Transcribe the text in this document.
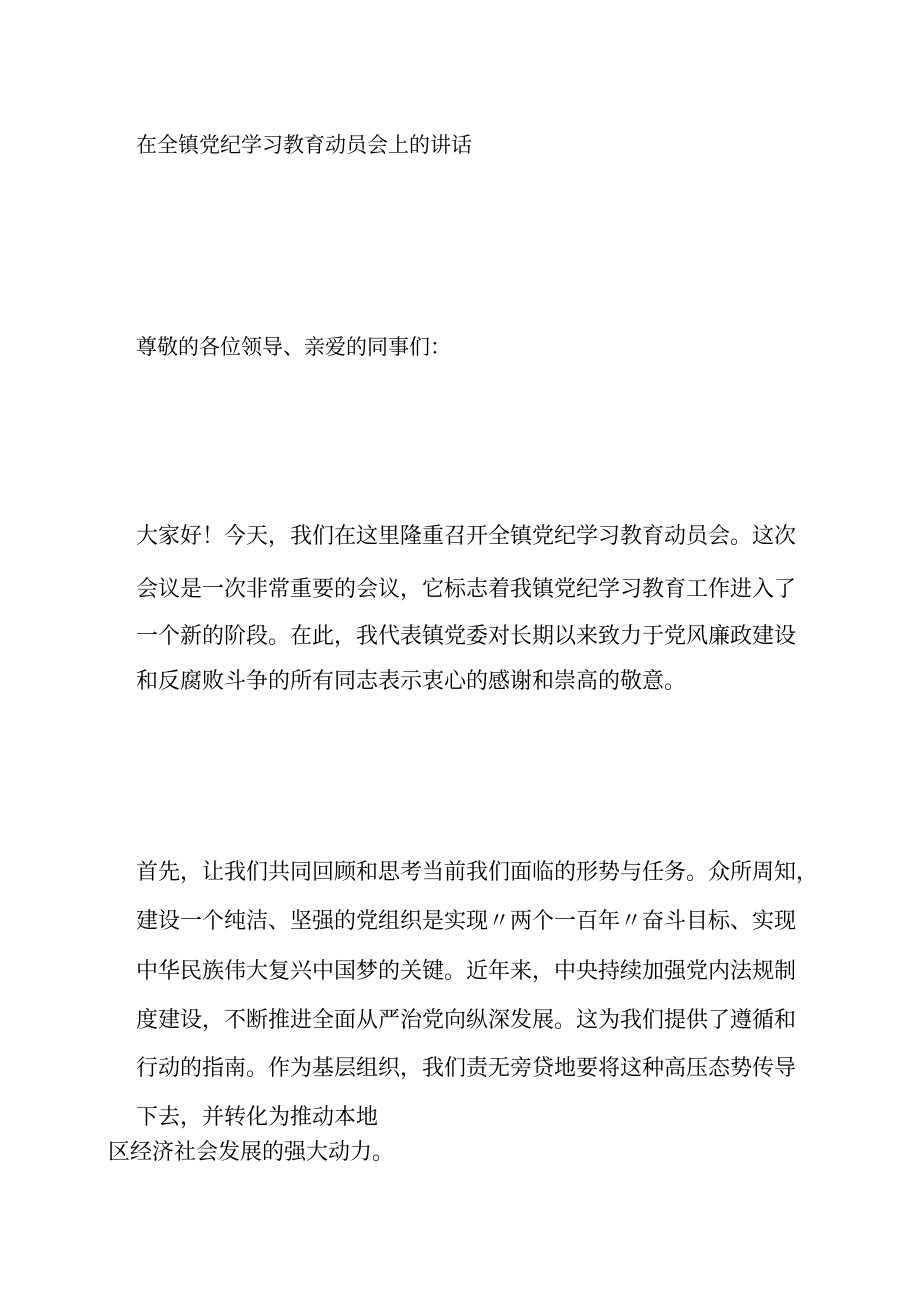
在全镇党纪学习教育动员会上的讲话
尊敬的各位领导、亲爱的同事们：
大家好！今天，我们在这里隆重召开全镇党纪学习教育动员会。这次
会议是一次非常重要的会议，它标志着我镇党纪学习教育工作进入了
一个新的阶段。在此，我代表镇党委对长期以来致力于党风廉政建设
和反腐败斗争的所有同志表示衷心的感谢和崇高的敬意。
首先，让我们共同回顾和思考当前我们面临的形势与任务。众所周知，
建设一个纯洁、坚强的党组织是实现〃两个一百年〃奋斗目标、实现
中华民族伟大复兴中国梦的关键。近年来，中央持续加强党内法规制
度建设，不断推进全面从严治党向纵深发展。这为我们提供了遵循和
行动的指南。作为基层组织，我们责无旁贷地要将这种高压态势传导
下去，并转化为推动本地
区经济社会发展的强大动力。
